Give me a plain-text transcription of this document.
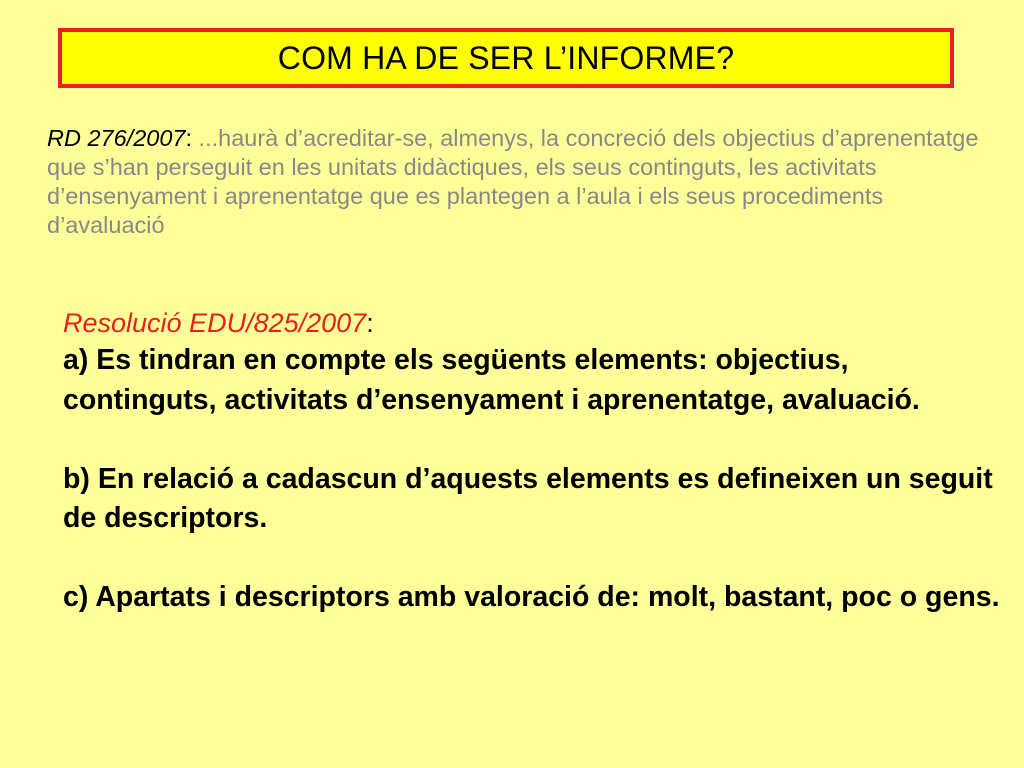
COM HA DE SER L’INFORME?
RD 276/2007: ...haurà d’acreditar-se, almenys, la concreció dels objectius d’aprenentatge que s’han perseguit en les unitats didàctiques, els seus continguts, les activitats d’ensenyament i aprenentatge que es plantegen a l’aula i els seus procediments d’avaluació
Resolució EDU/825/2007:

a) Es tindran en compte els següents elements: objectius, continguts, activitats d’ensenyament i aprenentatge, avaluació.

b) En relació a cadascun d’aquests elements es defineixen un seguit de descriptors.

c) Apartats i descriptors amb valoració de: molt, bastant, poc o gens.
